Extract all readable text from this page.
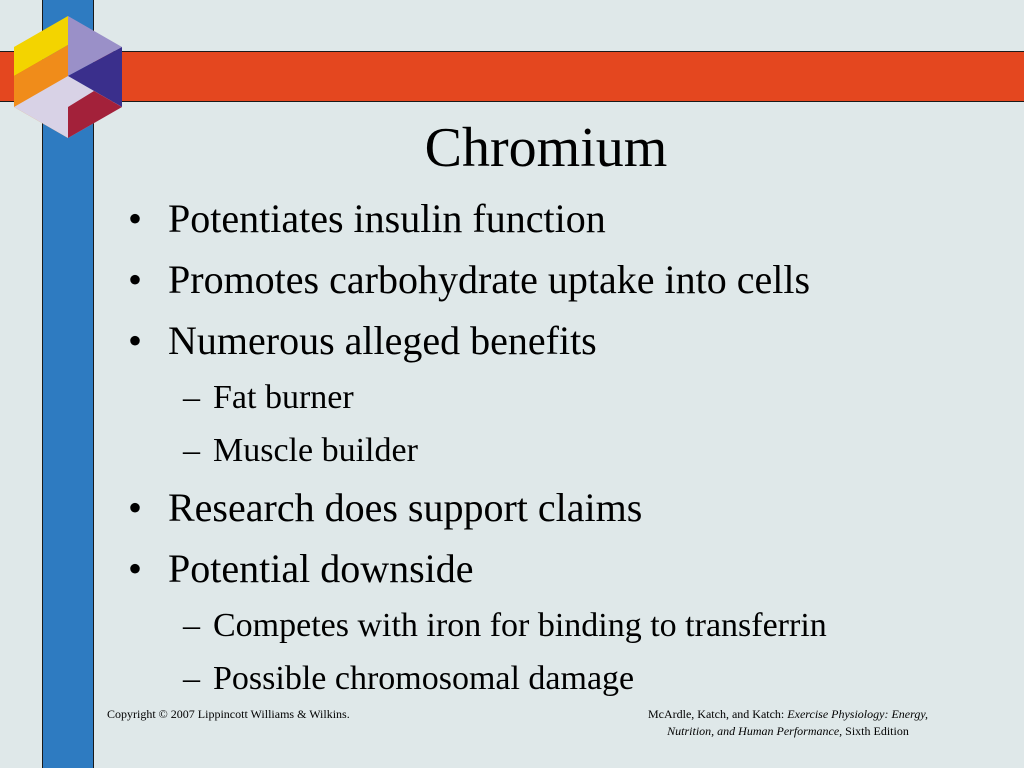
Chromium
• Potentiates insulin function
• Promotes carbohydrate uptake into cells
• Numerous alleged benefits
– Fat burner
– Muscle builder
• Research does support claims
• Potential downside
– Competes with iron for binding to transferrin
– Possible chromosomal damage
Copyright © 2007 Lippincott Williams & Wilkins.	McArdle, Katch, and Katch: Exercise Physiology: Energy,
Nutrition, and Human Performance, Sixth Edition
